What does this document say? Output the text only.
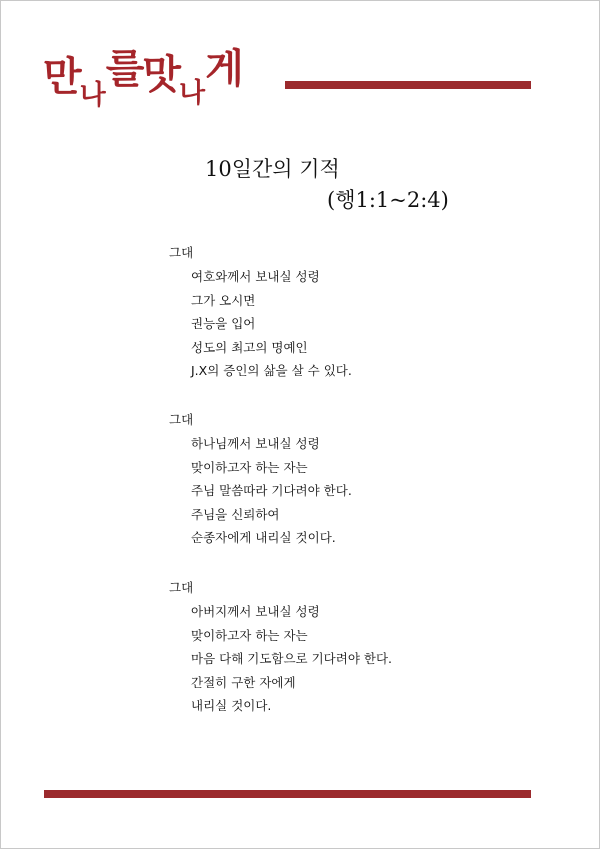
만나를맛나게
10일간의 기적
(행1:1~2:4)
그대
여호와께서 보내실 성령
그가 오시면
권능을 입어
성도의 최고의 명예인
J.X의 증인의 삶을 살 수 있다.
그대
하나님께서 보내실 성령
맞이하고자 하는 자는
주님 말씀따라 기다려야 한다.
주님을 신뢰하여
순종자에게 내리실 것이다.
그대
아버지께서 보내실 성령
맞이하고자 하는 자는
마음 다해 기도함으로 기다려야 한다.
간절히 구한 자에게
내리실 것이다.
